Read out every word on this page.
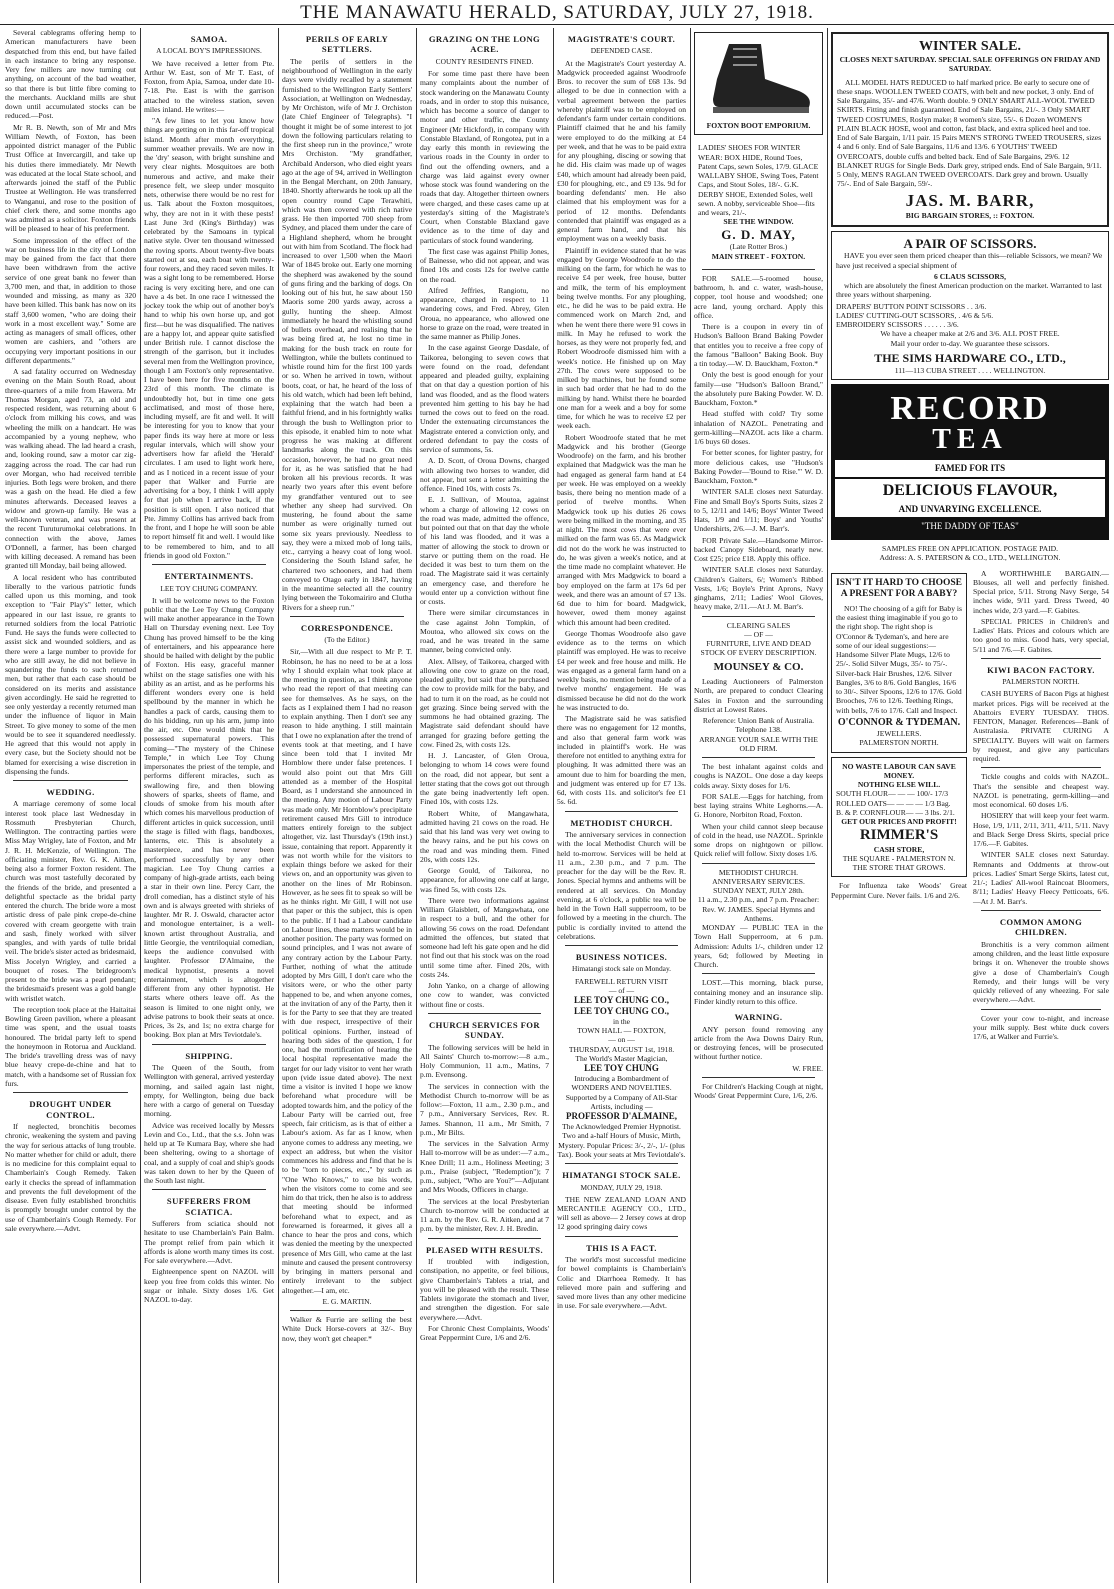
THE MANAWATU HERALD, SATURDAY, JULY 27, 1918.

Several cablegrams offering hemp to American manufacturers have been despatched from this end, but have failed in each instance to bring any response. Very few millers are now turning out anything, on account of the bad weather, so that there is but little fibre coming to the merchants. Auckland mills are shut down until accumulated stocks can be reduced.—Post.

Mr R. B. Newth, son of Mr and Mrs William Newth, of Foxton, has been appointed district manager of the Public Trust Office at Invercargill, and take up his duties there immediately. Mr Newth was educated at the local State school, and afterwards joined the staff of the Public Trustee at Wellington. He was transferred to Wanganui, and rose to the position of chief clerk there, and some months ago was admitted as a solicitor. Foxton friends will be pleased to hear of his preferment.

Some impression of the effect of the war on business life in the city of London may be gained from the fact that there have been withdrawn from the active service of one great bank no fewer than 3,700 men, and that, in addition to those wounded and missing, as many as 320 have been killed. This bank has now on its staff 3,600 women, "who are doing their work in a most excellent way." Some are acting as managers of small offices, other women are cashiers, and "others are occupying very important positions in our different departments."

A sad fatality occurred on Wednesday evening on the Main South Road, about three-quarters of a mile from Hawera. Mr Thomas Morgan, aged 73, an old and respected resident, was returning about 6 o'clock from milking his cows, and was wheeling the milk on a handcart. He was accompanied by a young nephew, who was walking ahead. The lad heard a crash, and, looking round, saw a motor car zig-zagging across the road. The car had run over Morgan, who had received terrible injuries. Both legs were broken, and there was a gash on the head. He died a few minutes afterwards. Deceased leaves a widow and grown-up family. He was a well-known veteran, and was present at the recent Turuturumokai celebrations. In connection with the above, James O'Donnell, a farmer, has been charged with killing deceased. A remand has been granted till Monday, bail being allowed.

A local resident who has contributed liberally to the various patriotic funds called upon us this morning, and took exception to "Fair Play's" letter, which appeared in our last issue, re grants to returned soldiers from the local Patriotic Fund. He says the funds were collected to assist sick and wounded soldiers, and as there were a large number to provide for who are still away, he did not believe in squandering the funds to such returned men, but rather that each case should be considered on its merits and assistance given accordingly. He said he regretted to see only yesterday a recently returned man under the influence of liquor in Main Street. To give money to some of the men would be to see it squandered needlessly. He agreed that this would not apply in every case, but the Society should not be blamed for exercising a wise discretion in dispensing the funds.

WEDDING.

A marriage ceremony of some local interest took place last Wednesday in Rossmuth Presbyterian Church, Wellington. The contracting parties were Miss May Wrigley, late of Foxton, and Mr J. R. H. McKenzie, of Wellington. The officiating minister, Rev. G. K. Aitken, being also a former Foxton resident. The church was most tastefully decorated by the friends of the bride, and presented a delightful spectacle as the bridal party entered the church. The bride wore a most artistic dress of pale pink crepe-de-chine covered with cream georgette with train and sash, finely worked with silver spangles, and with yards of tulle bridal veil. The bride's sister acted as bridesmaid, Miss Jocelyn Wrigley, and carried a bouquet of roses. The bridegroom's present to the bride was a pearl pendant; the bridesmaid's present was a gold bangle with wristlet watch.

The reception took place at the Haitaitai Bowling Green pavilion, where a pleasant time was spent, and the usual toasts honoured. The bridal party left to spend the honeymoon in Rotorua and Auckland. The bride's travelling dress was of navy blue heavy crepe-de-chine and hat to match, with a handsome set of Russian fox furs.

DROUGHT UNDER CONTROL.

If neglected, bronchitis becomes chronic, weakening the system and paving the way for serious attacks of lung trouble. No matter whether for child or adult, there is no medicine for this complaint equal to Chamberlain's Cough Remedy. Taken early it checks the spread of inflammation and prevents the full development of the disease. Even fully established bronchitis is promptly brought under control by the use of Chamberlain's Cough Remedy. For sale everywhere.—Advt.

SAMOA.
A LOCAL BOY'S IMPRESSIONS.

We have received a letter from Pte. Arthur W. East, son of Mr T. East, of Foxton, from Apia, Samoa, under date 10-7-18. Pte. East is with the garrison attached to the wireless station, seven miles inland. He writes:—

"A few lines to let you know how things are getting on in this far-off tropical island. Month after month everything, summer weather prevails. We are now in the 'dry' season, with bright sunshine and very clear nights. Mosquitoes are both numerous and active, and make their presence felt, we sleep under mosquito nets, otherwise there would be no rest for us. Talk about the Foxton mosquitoes, why, they are not in it with these pests! Last June 3rd (King's Birthday) was celebrated by the Samoans in typical native style. Over ten thousand witnessed the roving sports. About twenty-five boats started out at sea, each boat with twenty-four rowers, and they raced seven miles. It was a sight long to be remembered. Horse racing is very exciting here, and one can have a 4s bet. In one race I witnessed the jockey took the whip out of another boy's hand to whip his own horse up, and got first—but he was disqualified. The natives are a happy lot, and appear quite satisfied under British rule. I cannot disclose the strength of the garrison, but it includes several men from the Wellington province, though I am Foxton's only representative. I have been here for five months on the 23rd of this month. The climate is undoubtedly hot, but in time one gets acclimatised, and most of those here, including myself, are fit and well. It will be interesting for you to know that your paper finds its way here at more or less regular intervals, which will show your advertisers how far afield the 'Herald' circulates. I am used to light work here, and as I noticed in a recent issue of your paper that Walker and Furrie are advertising for a boy, I think I will apply for that job when I arrive back, if the position is still open. I also noticed that Pte. Jimmy Collins has arrived back from the front, and I hope he will soon be able to report himself fit and well. I would like to be remembered to him, and to all friends in good old Foxton."

ENTERTAINMENTS.
LEE TOY CHUNG COMPANY.

It will be welcome news to the Foxton public that the Lee Toy Chung Company will make another appearance in the Town Hall on Thursday evening next. Lee Toy Chung has proved himself to be the king of entertainers, and his appearance here should be hailed with delight by the public of Foxton. His easy, graceful manner whilst on the stage satisfies one with his ability as an artist, and as he performs his different wonders every one is held spellbound by the manner in which he handles a pack of cards, causing them to do his bidding, run up his arm, jump into the air, etc. One would think that he possessed supernatural powers. This coming—"The mystery of the Chinese Temple," in which Lee Toy Chung impersonates the priest of the temple, and performs different miracles, such as swallowing fire, and then blowing showers of sparks, sheets of flame, and clouds of smoke from his mouth after which comes his marvellous production of different articles in quick succession, until the stage is filled with flags, bandboxes, lanterns, etc. This is absolutely a masterpiece, and has never been performed successfully by any other magician. Lee Toy Chung carries a company of high-grade artists, each being a star in their own line. Percy Carr, the droll comedian, has a distinct style of his own and is always greeted with shrieks of laughter. Mr R. J. Oswald, character actor and monologue entertainer, is a well-known artist throughout Australia, and little Georgie, the ventriloquial comedian, keeps the audience convulsed with laughter. Professor D'Almaine, the medical hypnotist, presents a novel entertainment, which is altogether different from any other hypnotist. He starts where others leave off. As the season is limited to one night only, we advise patrons to book their seats at once. Prices, 3s 2s, and 1s; no extra charge for booking. Box plan at Mrs Teviotdale's.

SHIPPING.

The Queen of the South, from Wellington with general, arrived yesterday morning, and sailed again last night, empty, for Wellington, being due back here with a cargo of general on Tuesday morning.

Advice was received locally by Messrs Levin and Co., Ltd., that the s.s. John was held up at Te Kumara Bay, where she had been sheltering, owing to a shortage of coal, and a supply of coal and ship's goods was taken down to her by the Queen of the South last night.

SUFFERERS FROM SCIATICA.

Sufferers from sciatica should not hesitate to use Chamberlain's Pain Balm. The prompt relief from pain which it affords is alone worth many times its cost. For sale everywhere.—Advt.

Eighteenpence spent on NAZOL will keep you free from colds this winter. No sugar or inhale. Sixty doses 1/6. Get NAZOL to-day.

PERILS OF EARLY SETTLERS.

The perils of settlers in the neighbourhood of Wellington in the early days were vividly recalled by a statement furnished to the Wellington Early Settlers' Association, at Wellington on Wednesday, by Mr Orchiston, wife of Mr J. Orchiston (late Chief Engineer of Telegraphs). "I thought it might be of some interest to jot down the following particulars relating to the first sheep run in the province," wrote Mrs Orchiston. "My grandfather, Archibald Anderson, who died eight years ago at the age of 94, arrived in Wellington in the Bengal Merchant, on 20th January, 1840. Shortly afterwards he took up all the open country round Cape Terawhiti, which was then covered with rich native grass. He then imported 700 sheep from Sydney, and placed them under the care of a Highland shepherd, whom he brought out with him from Scotland. The flock had increased to over 1,500 when the Maori War of 1845 broke out. Early one morning the shepherd was awakened by the sound of guns firing and the barking of dogs. On looking out of his hut, he saw about 150 Maoris some 200 yards away, across a gully, hunting the sheep. Almost immediately he heard the whistling sound of bullets overhead, and realising that he was being fired at, he lost no time in making for the bush track en route for Wellington, while the bullets continued to whistle round him for the first 100 yards or so. When he arrived in town, without boots, coat, or hat, he heard of the loss of his old watch, which had been left behind, explaining that the watch had been a faithful friend, and in his fortnightly walks through the bush to Wellington prior to this episode, it enabled him to note what progress he was making at different landmarks along the track. On this occasion, however, he had no great need for it, as he was satisfied that he had broken all his previous records. It was nearly two years after this event before my grandfather ventured out to see whether any sheep had survived. On mustering, he found about the same number as were originally turned out some six years previously. Needless to say, they were a mixed mob of long tails, etc., carrying a heavy coat of long wool. Considering the South Island safer, he chartered two schooners, and had them conveyed to Otago early in 1847, having in the meantime selected all the country lying between the Tokomairiro and Clutha Rivers for a sheep run."

CORRESPONDENCE.
(To the Editor.)

Sir,—With all due respect to Mr P. T. Robinson, he has no need to be at a loss why I should explain what took place at the meeting in question, as I think anyone who read the report of that meeting can see for themselves. As he says, on the facts as I explained them I had no reason to explain anything. Then I don't see any reason to hide anything. I still maintain that I owe no explanation after the trend of events took at that meeting, and I have since been told that I invited Mr Hornblow there under false pretences. I would also point out that Mrs Gill attended as a member of the Hospital Board, as I understand she announced in the meeting. Any motion of Labour Party was made only. Mr Hornblow's precipitate retirement caused Mrs Gill to introduce matters entirely foreign to the subject altogether, viz. last Thursday's (19th inst.) issue, containing that report. Apparently it was not worth while for the visitors to explain things before we asked for their views on, and an opportunity was given to another on the lines of Mr Robinson. However, as he sees fit to speak so will be as he thinks right. Mr Gill, I will not use that paper or this the subject, this is open to the public. If I had a Labour candidate on Labour lines, these matters would be in another position. The party was formed on sound principles, and I was not aware of any contrary action by the Labour Party. Further, nothing of what the attitude adopted by Mrs Gill, I don't care who the visitors were, or who the other party happened to be, and when anyone comes, at the invitation of any of the Party, then it is for the Party to see that they are treated with due respect, irrespective of their political opinions. Further, instead of hearing both sides of the question, I for one, had the mortification of hearing the local hospital representative made the target for our lady visitor to vent her wrath upon (vide issue dated above). The next time a visitor is invited I hope we know beforehand what procedure will be adopted towards him, and the policy of the Labour Party will be carried out, free speech, fair criticism, as is that of either a Labour's axiom. As far as I know, when anyone comes to address any meeting, we expect an address, but when the visitor commences his address and find that he is to be "torn to pieces, etc.," by such as "One Who Knows," to use his words, when the visitors come to come and see him do that trick, then he also is to address that meeting should be informed beforehand what to expect, and as forewarned is forearmed, it gives all a chance to hear the pros and cons, which was denied the meeting by the unexpected presence of Mrs Gill, who came at the last minute and caused the present controversy by bringing in matters personal and entirely irrelevant to the subject altogether.—I am, etc.

E. G. MARTIN.

Walker & Furrie are selling the best White Duck Horse-covers at 32/-. Buy now, they won't get cheaper.*

GRAZING ON THE LONG ACRE.
COUNTY RESIDENTS FINED.

For some time past there have been many complaints about the number of stock wandering on the Manawatu County roads, and in order to stop this nuisance, which has become a source of danger to motor and other traffic, the County Engineer (Mr Hickford), in company with Constable Blaxland, of Rongotea, put in a day early this month in reviewing the various roads in the County in order to find out the offending owners, and a charge was laid against every owner whose stock was found wandering on the roads that day. Altogether thirteen owners were charged, and these cases came up at yesterday's sitting of the Magistrate's Court, when Constable Blaxland gave evidence as to the time of day and particulars of stock found wandering.

The first case was against Philip Jones, of Bainesse, who did not appear, and was fined 10s and costs 12s for twelve cattle on the road.

Alfred Jeffries, Rangiotu, no appearance, charged in respect to 11 wandering cows, and Fred. Abrey, Glen Oroua, no appearance, who allowed one horse to graze on the road, were treated in the same manner as Philip Jones.

In the case against George Dasdale, of Taikorea, belonging to seven cows that were found on the road, defendant appeared and pleaded guilty, explaining that on that day a question portion of his land was flooded, and as the flood waters prevented him getting to his bay he had turned the cows out to feed on the road. Under the extenuating circumstances the Magistrate entered a conviction only, and ordered defendant to pay the costs of service of summons, 5s.

A. D. Scott, of Oroua Downs, charged with allowing two horses to wander, did not appear, but sent a letter admitting the offence. Fined 10s, with costs 7s.

E. J. Sullivan, of Moutoa, against whom a charge of allowing 12 cows on the road was made, admitted the offence, but pointed out that on that day the whole of his land was flooded, and it was a matter of allowing the stock to drown or starve or putting them on the road. He decided it was best to turn them on the road. The Magistrate said it was certainly an emergency case, and therefore he would enter up a conviction without fine or costs.

There were similar circumstances in the case against John Tompkin, of Moutoa, who allowed six cows on the road, and he was treated in the same manner, being convicted only.

Alex. Allsey, of Taikorea, charged with allowing one cow to graze on the road, pleaded guilty, but said that he purchased the cow to provide milk for the baby, and had to turn it on the road, as he could not get grazing. Since being served with the summons he had obtained grazing. The Magistrate said defendant should have arranged for grazing before getting the cow. Fined 2s, with costs 12s.

H. J. Lancaster, of Glen Oroua, belonging to whom 14 cows were found on the road, did not appear, but sent a letter stating that the cows got out through the gate being inadvertently left open. Fined 10s, with costs 12s.

Robert White, of Mangawhata, admitted having 21 cows on the road. He said that his land was very wet owing to the heavy rains, and he put his cows on the road and was minding them. Fined 20s, with costs 12s.

George Gould, of Taikorea, no appearance, for allowing one calf at large, was fined 5s, with costs 12s.

There were two informations against William Glaisblett, of Mangawhata, one in respect to a bull, and the other for allowing 56 cows on the road. Defendant admitted the offences, but stated that someone had left his gate open and he did not find out that his stock was on the road until some time after. Fined 20s, with costs 24s.

John Yanko, on a charge of allowing one cow to wander, was convicted without fine or costs.

CHURCH SERVICES FOR SUNDAY.

The following services will be held in All Saints' Church to-morrow:—8 a.m., Holy Communion, 11 a.m., Matins, 7 p.m. Evensong.

The services in connection with the Methodist Church to-morrow will be as follow:—Foxton, 11 a.m., 2.30 p.m., and 7 p.m., Anniversary Services, Rev. R. James. Shannon, 11 a.m., Mr Smith, 7 p.m., Mr Bilts.

The services in the Salvation Army Hall to-morrow will be as under:—7 a.m., Knee Drill; 11 a.m., Holiness Meeting; 3 p.m., Praise (subject, "Redemption"); 7 p.m., subject, "Who are You?"—Adjutant and Mrs Woods, Officers in charge.

The services at the local Presbyterian Church to-morrow will be conducted at 11 a.m. by the Rev. G. R. Aitken, and at 7 p.m. by the minister, Rev. J. H. Bredin.

PLEASED WITH RESULTS.

If troubled with indigestion, constipation, no appetite, or feel bilious, give Chamberlain's Tablets a trial, and you will be pleased with the result. These Tablets invigorate the stomach and liver, and strengthen the digestion. For sale everywhere.—Advt.

For Chronic Chest Complaints, Woods' Great Peppermint Cure, 1/6 and 2/6.

MAGISTRATE'S COURT.
DEFENDED CASE.

At the Magistrate's Court yesterday A. Madgwick proceeded against Woodroofe Bros. to recover the sum of £68 13s. 9d alleged to be due in connection with a verbal agreement between the parties whereby plaintiff was to be employed on defendant's farm under certain conditions. Plaintiff claimed that he and his family were employed to do the milking at £4 per week, and that he was to be paid extra for any ploughing, discing or sowing that he did. His claim was made up of wages £40, which amount had already been paid, £30 for ploughing, etc., and £9 13s. 9d for boarding defendants' men. He also claimed that his employment was for a period of 12 months. Defendants contended that plaintiff was engaged as a general farm hand, and that his employment was on a weekly basis.

Plaintiff in evidence stated that he was engaged by George Woodroofe to do the milking on the farm, for which he was to receive £4 per week, free house, butter and milk, the term of his employment being twelve months. For any ploughing, etc., he did he was to be paid extra. He commenced work on March 2nd, and when he went there there were 91 cows in milk. In May he refused to work the horses, as they were not properly fed, and Robert Woodroofe dismissed him with a week's notice. He finished up on May 27th. The cows were supposed to be milked by machines, but he found some in such bad order that he had to do the milking by hand. Whilst there he boarded one man for a week and a boy for some time, for which he was to receive £2 per week each.

Robert Woodroofe stated that he met Madgwick and his brother (George Woodroofe) on the farm, and his brother explained that Madgwick was the man he had engaged as general farm hand at £4 per week. He was employed on a weekly basis, there being no mention made of a period of twelve months. When Madgwick took up his duties 26 cows were being milked in the morning, and 35 at night. The most cows that were ever milked on the farm was 65. As Madgwick did not do the work he was instructed to do, he was given a week's notice, and at the time made no complaint whatever. He arranged with Mrs Madgwick to board a boy employed on the farm at 17s 6d per week, and there was an amount of £7 13s. 6d due to him for board. Madgwick, however, owed them money against which this amount had been credited.

George Thomas Woodroofe also gave evidence as to the terms on which plaintiff was employed. He was to receive £4 per week and free house and milk. He was engaged as a general farm hand on a weekly basis, no mention being made of a twelve months' engagement. He was dismissed because he did not do the work he was instructed to do.

The Magistrate said he was satisfied there was no engagement for 12 months, and also that general farm work was included in plaintiff's work. He was therefore not entitled to anything extra for ploughing. It was admitted there was an amount due to him for boarding the men, and judgment was entered up for £7 13s. 6d, with costs 11s. and solicitor's fee £1 5s. 6d.

METHODIST CHURCH.

The anniversary services in connection with the local Methodist Church will be held to-morrow. Services will be held at 11 a.m., 2.30 p.m., and 7 p.m. The preacher for the day will be the Rev. R. Jones. Special hymns and anthems will be rendered at all services. On Monday evening, at 6 o'clock, a public tea will be held in the Town Hall supperroom, to be followed by a meeting in the church. The public is cordially invited to attend the celebrations.

BUSINESS NOTICES.
Himatangi stock sale on Monday.
FAREWELL RETURN VISIT
— of —
LEE TOY CHUNG CO.,
LEE TOY CHUNG CO.,
in the
TOWN HALL — FOXTON,
— on —
THURSDAY, AUGUST 1st, 1918.
The World's Master Magician,
LEE TOY CHUNG
Introducing a Bombardment of WONDERS AND NOVELTIES. Supported by a Company of All-Star Artists, including —
PROFESSOR D'ALMAINE,
The Acknowledged Premier Hypnotist. Two and a-half Hours of Music, Mirth, Mystery. Popular Prices: 3/-, 2/-, 1/- (plus Tax). Book your seats at Mrs Teviotdale's.
HIMATANGI STOCK SALE.
MONDAY, JULY 29, 1918.

THE NEW ZEALAND LOAN AND MERCANTILE AGENCY CO., LTD., will sell as above— 2 Jersey cows at drop 12 good springing dairy cows

THIS IS A FACT.

The world's most successful medicine for bowel complaints is Chamberlain's Colic and Diarrhoea Remedy. It has relieved more pain and suffering and saved more lives than any other medicine in use. For sale everywhere.—Advt.

FOXTON BOOT EMPORIUM.
LADIES' SHOES FOR WINTER WEAR: BOX HIDE, Round Toes, Patent Caps, sewn Soles, 17/9. GLACE WALLABY SHOE, Swing Toes, Patent Caps, and Stout Soles, 18/-. G.K. DERBY SHOE, Extended Soles, well sewn. A nobby, serviceable Shoe—fits and wears, 21/-.
SEE THE WINDOW.
G. D. MAY,
(Late Rotter Bros.)
MAIN STREET - FOXTON.

FOR SALE.—5-roomed house, bathroom, h. and c. water, wash-house, copper, tool house and woodshed; one acre land, young orchard. Apply this office.

There is a coupon in every tin of Hudson's Balloon Brand Baking Powder that entitles you to receive a free copy of the famous "Balloon" Baking Book. Buy a tin today.—W. D. Bauckham, Foxton.*

Only the best is good enough for your family—use "Hudson's Balloon Brand," the absolutely pure Baking Powder. W. D. Bauckham, Foxton.*

Head stuffed with cold? Try some inhalation of NAZOL. Penetrating and germ-killing—NAZOL acts like a charm. 1/6 buys 60 doses.

For better scones, for lighter pastry, for more delicious cakes, use "Hudson's Baking Powder—'Bound to Rise.'" W. D. Bauckham, Foxton.*

WINTER SALE closes next Saturday. Fine and Small Boy's Sports Suits, sizes 2 to 5, 12/11 and 14/6; Boys' Winter Tweed Hats, 1/9 and 1/11; Boys' and Youths' Undershirts, 2/6.—J. M. Barr's.

FOR Private Sale.—Handsome Mirror-backed Canopy Sideboard, nearly new. Cost £25; price £18. Apply this office.

WINTER SALE closes next Saturday. Children's Gaiters, 6/; Women's Ribbed Vests, 1/6; Boyle's Print Aprons, Navy ginghams, 2/11; Ladies' Wool Gloves, heavy make, 2/11.—At J. M. Barr's.

CLEARING SALES
— OF —
FURNITURE, LIVE AND DEAD STOCK OF EVERY DESCRIPTION.
MOUNSEY & CO.

Leading Auctioneers of Palmerston North, are prepared to conduct Clearing Sales in Foxton and the surrounding district at Lowest Rates.

Reference: Union Bank of Australia.
Telephone 138.
ARRANGE YOUR SALE WITH THE OLD FIRM.

The best inhalant against colds and coughs is NAZOL. One dose a day keeps colds away. Sixty doses for 1/6.

FOR SALE.—Eggs for hatching, from best laying strains White Leghorns.—A. G. Honore, Norbiton Road, Foxton.

When your child cannot sleep because of cold in the head, use NAZOL. Sprinkle some drops on nightgown or pillow. Quick relief will follow. Sixty doses 1/6.

METHODIST CHURCH.
ANNIVERSARY SERVICES.
SUNDAY NEXT, JULY 28th.
11 a.m., 2.30 p.m., and 7 p.m. Preacher: Rev. W. JAMES. Special Hymns and Anthems.

MONDAY — PUBLIC TEA in the Town Hall Supperroom, at 6 p.m. Admission: Adults 1/-, children under 12 years, 6d; followed by Meeting in Church.

LOST.—This morning, black purse, containing money and an insurance slip. Finder kindly return to this office.

WARNING.

ANY person found removing any article from the Awa Downs Dairy Run, or destroying fences, will be prosecuted without further notice.

W. FREE.

For Children's Hacking Cough at night, Woods' Great Peppermint Cure, 1/6, 2/6.

WINTER SALE.
CLOSES NEXT SATURDAY. SPECIAL SALE OFFERINGS ON FRIDAY AND SATURDAY.

ALL MODEL HATS REDUCED to half marked price. Be early to secure one of these snaps. WOOLLEN TWEED COATS, with belt and new pocket, 3 only. End of Sale Bargains, 35/- and 47/6. Worth double. 9 ONLY SMART ALL-WOOL TWEED SKIRTS. Fitting and finish guaranteed. End of Sale Bargains, 21/-. 3 Only SMART TWEED COSTUMES, Roslyn make; 8 women's size, 55/-. 6 Dozen WOMEN'S PLAIN BLACK HOSE, wool and cotton, fast black, and extra spliced heel and toe. End of Sale Bargain, 1/11 pair. 15 Pairs MEN'S STRONG TWEED TROUSERS, sizes 4 and 6 only. End of Sale Bargains, 11/6 and 13/6. 6 YOUTHS' TWEED OVERCOATS, double cuffs and belted back. End of Sale Bargains, 29/6. 12 BLANKET RUGS for Single Beds. Dark grey, striped ends. End of Sale Bargain, 9/11. 5 Only, MEN'S RAGLAN TWEED OVERCOATS. Dark grey and brown. Usually 75/-. End of Sale Bargain, 59/-.

JAS. M. BARR,
BIG BARGAIN STORES, :: FOXTON.
A PAIR OF SCISSORS.

HAVE you ever seen them priced cheaper than this—reliable Scissors, we mean? We have just received a special shipment of

6 CLAUS SCISSORS,

which are absolutely the finest American production on the market. Warranted to last three years without sharpening.

DRAPERS' BUTTON POINT SCISSORS . . 3/6.
LADIES' CUTTING-OUT SCISSORS, . 4/6 & 5/6.
EMBROIDERY SCISSORS . . . . . . 3/6.
We have a cheaper make at 2/6 and 3/6. ALL POST FREE.
Mail your order to-day. We guarantee these scissors.
THE SIMS HARDWARE CO., LTD.,
111—113 CUBA STREET . . . . WELLINGTON.
RECORD
TEA
FAMED FOR ITS
DELICIOUS FLAVOUR,
AND UNVARYING EXCELLENCE.
"THE DADDY OF TEAS"
SAMPLES FREE ON APPLICATION. POSTAGE PAID.
Address: A. S. PATERSON & CO., LTD., WELLINGTON.
ISN'T IT HARD TO CHOOSE A PRESENT FOR A BABY?

NO! The choosing of a gift for Baby is the easiest thing imaginable if you go to the right shop. The right shop is O'Connor & Tydeman's, and here are some of our ideal suggestions:— Handsome Silver Plate Mugs, 12/6 to 25/-. Solid Silver Mugs, 35/- to 75/-. Silver-back Hair Brushes, 12/6. Silver Bangles, 3/6 to 8/6. Gold Bangles, 16/6 to 30/-. Silver Spoons, 12/6 to 17/6. Gold Brooches, 7/6 to 12/6. Teething Rings, with bells, 7/6 to 17/6. Call and Inspect.

O'CONNOR & TYDEMAN.
JEWELLERS.
PALMERSTON NORTH.
NO WASTE LABOUR CAN SAVE MONEY.
NOTHING ELSE WILL.
SOUTH FLOUR— — — 100/- 17/3
ROLLED OATS— — — — 1/3 Bag.
B. & P. CORNFLOUR— — 3 lbs. 2/1.
GET OUR PRICES AND PROFIT!
RIMMER'S
CASH STORE,
THE SQUARE - PALMERSTON N.
THE STORE THAT GROWS.

For Influenza take Woods' Great Peppermint Cure. Never fails. 1/6 and 2/6.

A WORTHWHILE BARGAIN.— Blouses, all well and perfectly finished. Special price, 5/11. Strong Navy Serge, 54 inches wide, 9/11 yard. Dress Tweed, 40 inches wide, 2/3 yard.—F. Gabites.

SPECIAL PRICES in Children's and Ladies' Hats. Prices and colours which are too good to miss. Good hats, very special, 5/11 and 7/6.—F. Gabites.

KIWI BACON FACTORY.
PALMERSTON NORTH.

CASH BUYERS of Bacon Pigs at highest market prices. Pigs will be received at the Abattoirs EVERY TUESDAY. THOS. FENTON, Manager. References—Bank of Australasia. PRIVATE CURING A SPECIALTY. Buyers will wait on farmers by request, and give any particulars required.

Tickle coughs and colds with NAZOL. That's the sensible and cheapest way. NAZOL is penetrating, germ-killing—and most economical. 60 doses 1/6.

HOSIERY that will keep your feet warm. Hose, 1/9, 1/11, 2/11, 3/11, 4/11, 5/11. Navy and Black Serge Dress Skirts, special price 17/6.—F. Gabites.

WINTER SALE closes next Saturday. Remnants and Oddments at throw-out prices. Ladies' Smart Serge Skirts, latest cut, 21/-; Ladies' All-wool Raincoat Bloomers, 8/11; Ladies' Heavy Fleecy Petticoats, 6/6.—At J. M. Barr's.

COMMON AMONG CHILDREN.

Bronchitis is a very common ailment among children, and the least little exposure brings it on. Whenever the trouble shows give a dose of Chamberlain's Cough Remedy, and their lungs will be very quickly relieved of any wheezing. For sale everywhere.—Advt.

Cover your cow to-night, and increase your milk supply. Best white duck covers 17/6, at Walker and Furrie's.
